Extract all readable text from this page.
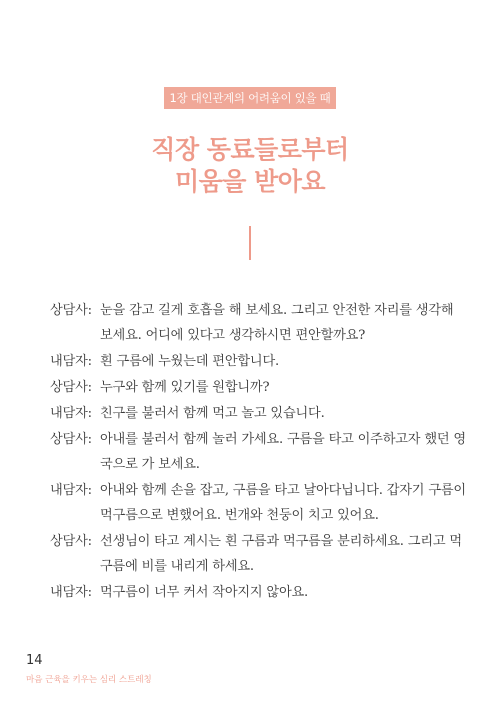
1장 대인관계의 어려움이 있을 때
직장 동료들로부터
미움을 받아요
상담사: 눈을 감고 길게 호흡을 해 보세요. 그리고 안전한 자리를 생각해
보세요. 어디에 있다고 생각하시면 편안할까요?
내담자: 흰 구름에 누웠는데 편안합니다.
상담사: 누구와 함께 있기를 원합니까?
내담자: 친구를 불러서 함께 먹고 놀고 있습니다.
상담사: 아내를 불러서 함께 놀러 가세요. 구름을 타고 이주하고자 했던 영
국으로 가 보세요.
내담자: 아내와 함께 손을 잡고, 구름을 타고 날아다닙니다. 갑자기 구름이
먹구름으로 변했어요. 번개와 천둥이 치고 있어요.
상담사: 선생님이 타고 계시는 흰 구름과 먹구름을 분리하세요. 그리고 먹
구름에 비를 내리게 하세요.
내담자: 먹구름이 너무 커서 작아지지 않아요.
14
마음 근육을 키우는 심리 스트레칭
